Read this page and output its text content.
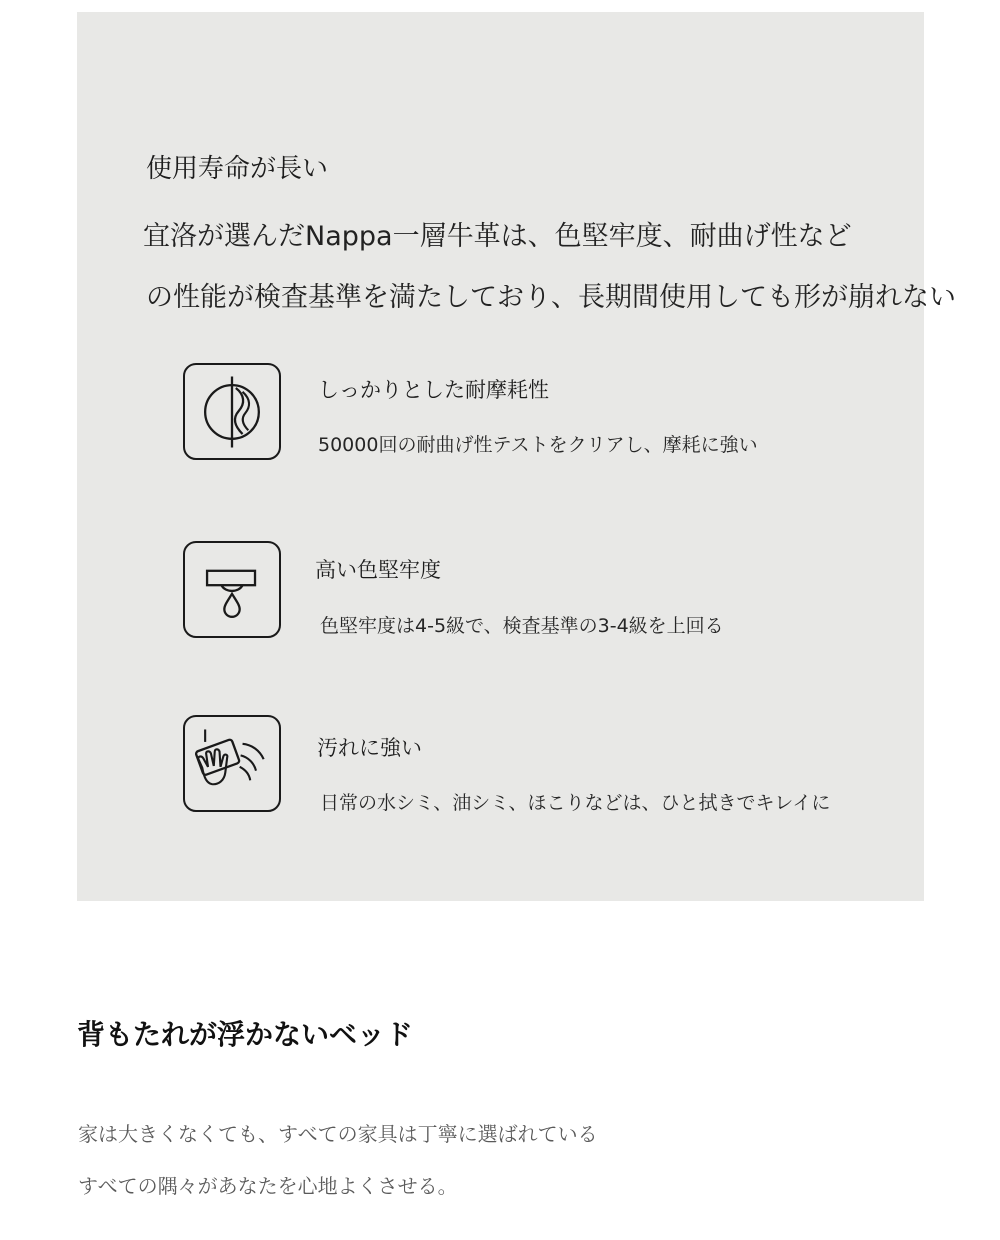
使用寿命が長い
宜洛が選んだNappa一層牛革は、色堅牢度、耐曲げ性など
の性能が検査基準を満たしており、長期間使用しても形が崩れない
しっかりとした耐摩耗性
50000回の耐曲げ性テストをクリアし、摩耗に強い
高い色堅牢度
色堅牢度は4-5級で、検査基準の3-4級を上回る
汚れに強い
日常の水シミ、油シミ、ほこりなどは、ひと拭きでキレイに
背もたれが浮かないベッド
家は大きくなくても、すべての家具は丁寧に選ばれている
すべての隅々があなたを心地よくさせる。
